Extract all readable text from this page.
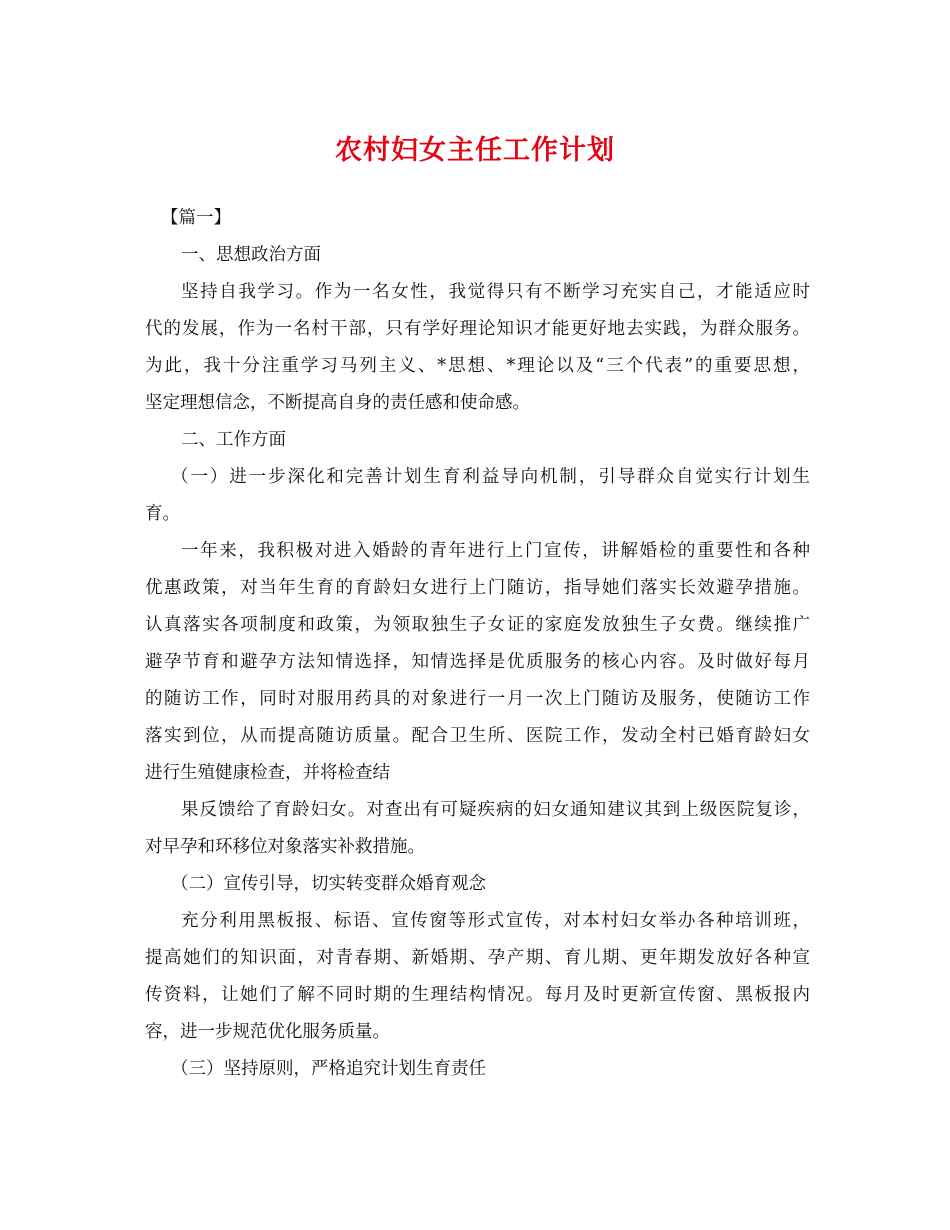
农村妇女主任工作计划
【篇一】
一、思想政治方面
坚持自我学习。作为一名女性，我觉得只有不断学习充实自己，才能适应时
代的发展，作为一名村干部，只有学好理论知识才能更好地去实践，为群众服务。
为此，我十分注重学习马列主义、*思想、*理论以及“三个代表”的重要思想，
坚定理想信念，不断提高自身的责任感和使命感。
二、工作方面
（一）进一步深化和完善计划生育利益导向机制，引导群众自觉实行计划生
育。
一年来，我积极对进入婚龄的青年进行上门宣传，讲解婚检的重要性和各种
优惠政策，对当年生育的育龄妇女进行上门随访，指导她们落实长效避孕措施。
认真落实各项制度和政策，为领取独生子女证的家庭发放独生子女费。继续推广
避孕节育和避孕方法知情选择，知情选择是优质服务的核心内容。及时做好每月
的随访工作，同时对服用药具的对象进行一月一次上门随访及服务，使随访工作
落实到位，从而提高随访质量。配合卫生所、医院工作，发动全村已婚育龄妇女
进行生殖健康检查，并将检查结
果反馈给了育龄妇女。对查出有可疑疾病的妇女通知建议其到上级医院复诊，
对早孕和环移位对象落实补救措施。
（二）宣传引导，切实转变群众婚育观念
充分利用黑板报、标语、宣传窗等形式宣传，对本村妇女举办各种培训班，
提高她们的知识面，对青春期、新婚期、孕产期、育儿期、更年期发放好各种宣
传资料，让她们了解不同时期的生理结构情况。每月及时更新宣传窗、黑板报内
容，进一步规范优化服务质量。
（三）坚持原则，严格追究计划生育责任
